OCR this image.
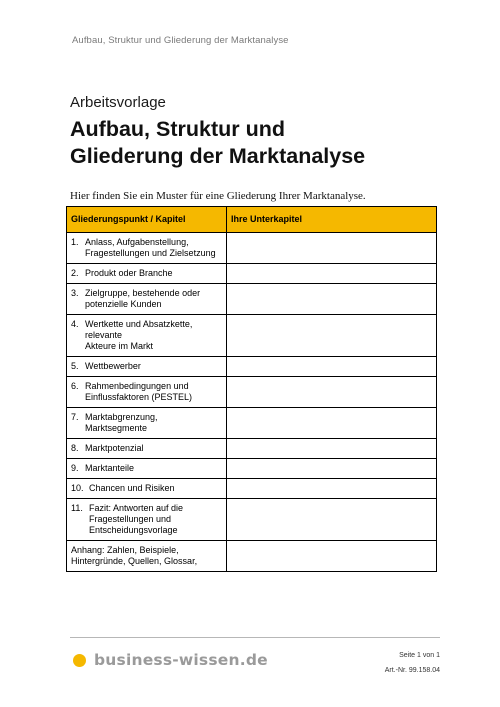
Aufbau, Struktur und Gliederung der Marktanalyse
Arbeitsvorlage
Aufbau, Struktur und
Gliederung der Marktanalyse
Hier finden Sie ein Muster für eine Gliederung Ihrer Marktanalyse.
Gliederungspunkt / Kapitel	Ihre Unterkapitel

1. Anlass, Aufgabenstellung,
Fragestellungen und Zielsetzung	

2. Produkt oder Branche	

3. Zielgruppe, bestehende oder
potenzielle Kunden	

4. Wertkette und Absatzkette, relevante
Akteure im Markt	

5. Wettbewerber	

6. Rahmenbedingungen und
Einflussfaktoren (PESTEL)	

7. Marktabgrenzung, Marktsegmente	

8. Marktpotenzial	

9. Marktanteile	

10. Chancen und Risiken	

11. Fazit: Antworten auf die
Fragestellungen und
Entscheidungsvorlage	

Anhang: Zahlen, Beispiele,
Hintergründe, Quellen, Glossar,	

business-wissen.de	Seite 1 von 1
Art.-Nr. 99.158.04
